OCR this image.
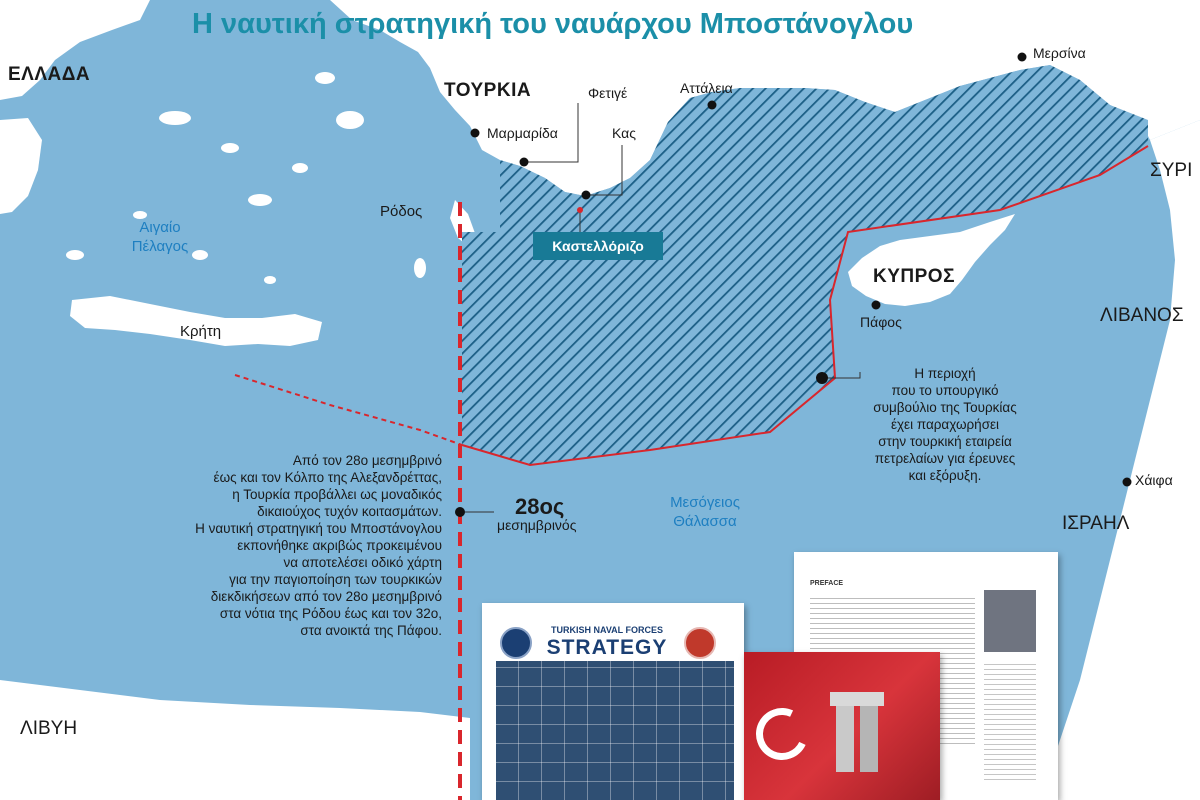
Η ναυτική στρατηγική του ναυάρχου Μποστάνογλου
ΕΛΛΑΔΑ
ΤΟΥΡΚΙΑ
ΚΥΠΡΟΣ
ΣΥΡΙ
ΛΙΒΑΝΟΣ
ΙΣΡΑΗΛ
ΛΙΒΥΗ
Μερσίνα
Αττάλεια
Φετιγέ
Μαρμαρίδα	Κας
Πάφος
Χάιφα
Ρόδος
Κρήτη
Καστελλόριζο
Αιγαίο
Πέλαγος
Μεσόγειος
Θάλασσα
28ος
μεσημβρινός
Από τον 28ο μεσημβρινό
έως και τον Κόλπο της Αλεξανδρέττας,
η Τουρκία προβάλλει ως μοναδικός
δικαιούχος τυχόν κοιτασμάτων.
Η ναυτική στρατηγική του Μποστάνογλου
εκπονήθηκε ακριβώς προκειμένου
να αποτελέσει οδικό χάρτη
για την παγιοποίηση των τουρκικών
διεκδικήσεων από τον 28ο μεσημβρινό
στα νότια της Ρόδου έως και τον 32ο,
στα ανοικτά της Πάφου.
Η περιοχή
που το υπουργικό
συμβούλιο της Τουρκίας
έχει παραχωρήσει
στην τουρκική εταιρεία
πετρελαίων για έρευνες
και εξόρυξη.
PREFACE
TURKISH NAVAL FORCES
STRATEGY
